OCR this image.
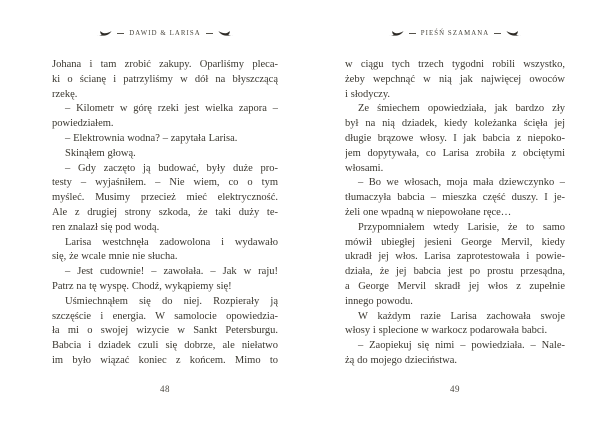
DAWID & LARISA
Johana i tam zrobić zakupy. Oparliśmy pleca-
ki o ścianę i patrzyliśmy w dół na błyszczącą
rzekę.
– Kilometr w górę rzeki jest wielka zapora –
powiedziałem.
– Elektrownia wodna? – zapytała Larisa.
Skinąłem głową.
– Gdy zaczęto ją budować, były duże pro-
testy – wyjaśniłem. – Nie wiem, co o tym
myśleć. Musimy przecież mieć elektryczność.
Ale z drugiej strony szkoda, że taki duży te-
ren znalazł się pod wodą.
Larisa westchnęła zadowolona i wydawało
się, że wcale mnie nie słucha.
– Jest cudownie! – zawołała. – Jak w raju!
Patrz na tę wyspę. Chodź, wykąpiemy się!
Uśmiechnąłem się do niej. Rozpierały ją
szczęście i energia. W samolocie opowiedzia-
ła mi o swojej wizycie w Sankt Petersburgu.
Babcia i dziadek czuli się dobrze, ale niełatwo
im było wiązać koniec z końcem. Mimo to
48
PIEŚŃ SZAMANA
w ciągu tych trzech tygodni robili wszystko,
żeby wepchnąć w nią jak najwięcej owoców
i słodyczy.
Ze śmiechem opowiedziała, jak bardzo zły
był na nią dziadek, kiedy koleżanka ścięła jej
długie brązowe włosy. I jak babcia z niepoko-
jem dopytywała, co Larisa zrobiła z obciętymi
włosami.
– Bo we włosach, moja mała dziewczynko –
tłumaczyła babcia – mieszka część duszy. I je-
żeli one wpadną w niepowołane ręce…
Przypomniałem wtedy Larisie, że to samo
mówił ubiegłej jesieni George Mervil, kiedy
ukradł jej włos. Larisa zaprotestowała i powie-
działa, że jej babcia jest po prostu przesądna,
a George Mervil skradł jej włos z zupełnie
innego powodu.
W każdym razie Larisa zachowała swoje
włosy i splecione w warkocz podarowała babci.
– Zaopiekuj się nimi – powiedziała. – Nale-
żą do mojego dzieciństwa.
49
